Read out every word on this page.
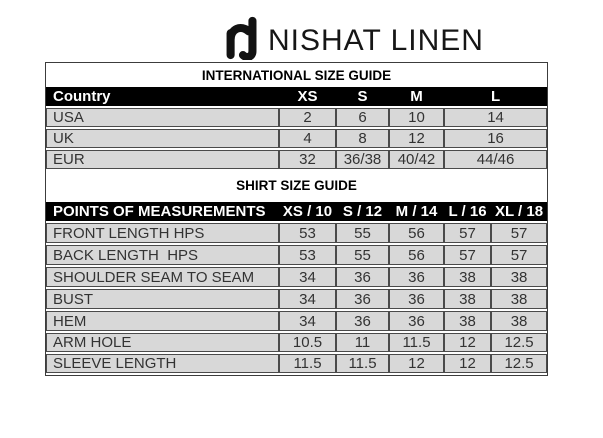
NISHAT LINEN
INTERNATIONAL SIZE GUIDE					
Country	XS	S	M	L	
USA	2	6	10	14	
UK	4	8	12	16	
EUR	32	36/38	40/42	44/46	
SHIRT SIZE GUIDE					
POINTS OF MEASUREMENTS	XS / 10	S / 12	M / 14	L / 16	XL / 18
FRONT LENGTH HPS	53	55	56	57	57
BACK LENGTH  HPS	53	55	56	57	57
SHOULDER SEAM TO SEAM	34	36	36	38	38
BUST	34	36	36	38	38
HEM	34	36	36	38	38
ARM HOLE	10.5	11	11.5	12	12.5
SLEEVE LENGTH	11.5	11.5	12	12	12.5
